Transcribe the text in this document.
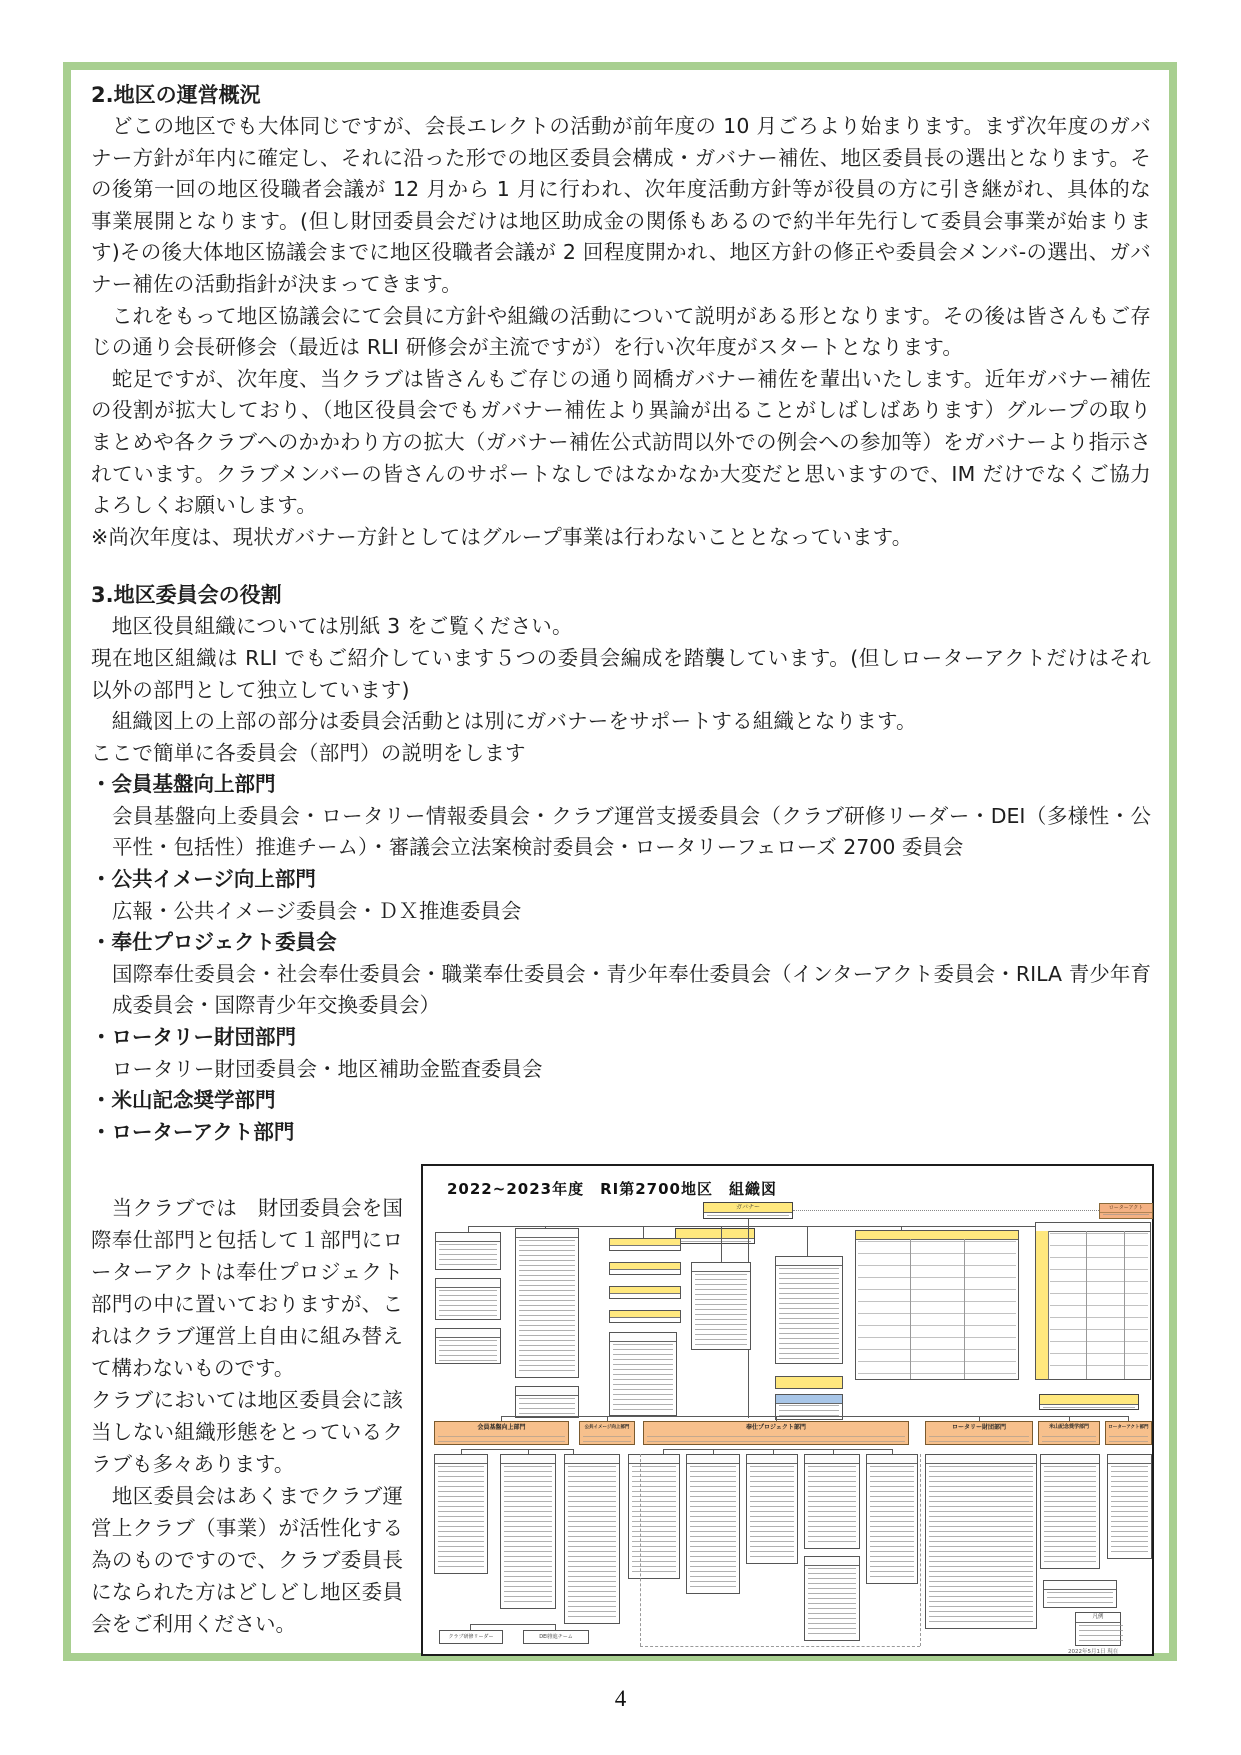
2.地区の運営概況

　どこの地区でも大体同じですが、会長エレクトの活動が前年度の 10 月ごろより始まります。まず次年度のガバナー方針が年内に確定し、それに沿った形での地区委員会構成・ガバナー補佐、地区委員長の選出となります。その後第一回の地区役職者会議が 12 月から 1 月に行われ、次年度活動方針等が役員の方に引き継がれ、具体的な事業展開となります。(但し財団委員会だけは地区助成金の関係もあるので約半年先行して委員会事業が始まります)その後大体地区協議会までに地区役職者会議が 2 回程度開かれ、地区方針の修正や委員会メンバ-の選出、ガバナー補佐の活動指針が決まってきます。

　これをもって地区協議会にて会員に方針や組織の活動について説明がある形となります。その後は皆さんもご存じの通り会長研修会（最近は RLI 研修会が主流ですが）を行い次年度がスタートとなります。

　蛇足ですが、次年度、当クラブは皆さんもご存じの通り岡橋ガバナー補佐を輩出いたします。近年ガバナー補佐の役割が拡大しており、（地区役員会でもガバナー補佐より異論が出ることがしばしばあります）グループの取りまとめや各クラブへのかかわり方の拡大（ガバナー補佐公式訪問以外での例会への参加等）をガバナーより指示されています。クラブメンバーの皆さんのサポートなしではなかなか大変だと思いますので、IM だけでなくご協力よろしくお願いします。

※尚次年度は、現状ガバナー方針としてはグループ事業は行わないこととなっています。

3.地区委員会の役割

　地区役員組織については別紙 3 をご覧ください。

現在地区組織は RLI でもご紹介しています５つの委員会編成を踏襲しています。(但しローターアクトだけはそれ以外の部門として独立しています)

　組織図上の上部の部分は委員会活動とは別にガバナーをサポートする組織となります。

ここで簡単に各委員会（部門）の説明をします

・会員基盤向上部門
会員基盤向上委員会・ロータリー情報委員会・クラブ運営支援委員会（クラブ研修リーダー・DEI（多様性・公平性・包括性）推進チーム）・審議会立法案検討委員会・ロータリーフェローズ 2700 委員会
・公共イメージ向上部門
広報・公共イメージ委員会・ＤＸ推進委員会
・奉仕プロジェクト委員会
国際奉仕委員会・社会奉仕委員会・職業奉仕委員会・青少年奉仕委員会（インターアクト委員会・RILA 青少年育成委員会・国際青少年交換委員会）
・ロータリー財団部門
ロータリー財団委員会・地区補助金監査委員会
・米山記念奨学部門
・ローターアクト部門

　当クラブでは　財団委員会を国際奉仕部門と包括して１部門にローターアクトは奉仕プロジェクト部門の中に置いておりますが、これはクラブ運営上自由に組み替えて構わないものです。

クラブにおいては地区委員会に該当しない組織形態をとっているクラブも多々あります。

　地区委員会はあくまでクラブ運営上クラブ（事業）が活性化する為のものですので、クラブ委員長になられた方はどしどし地区委員会をご利用ください。

2022~2023年度　RI第2700地区　組織図
ガバナー	ローターアクト
会員基盤向上部門	公共イメージ向上部門	奉仕プロジェクト部門	ロータリー財団部門	米山記念奨学部門	ローターアクト部門
クラブ研修リーダー	DEI推進チーム
凡例
2022年5月1日 現在
4
